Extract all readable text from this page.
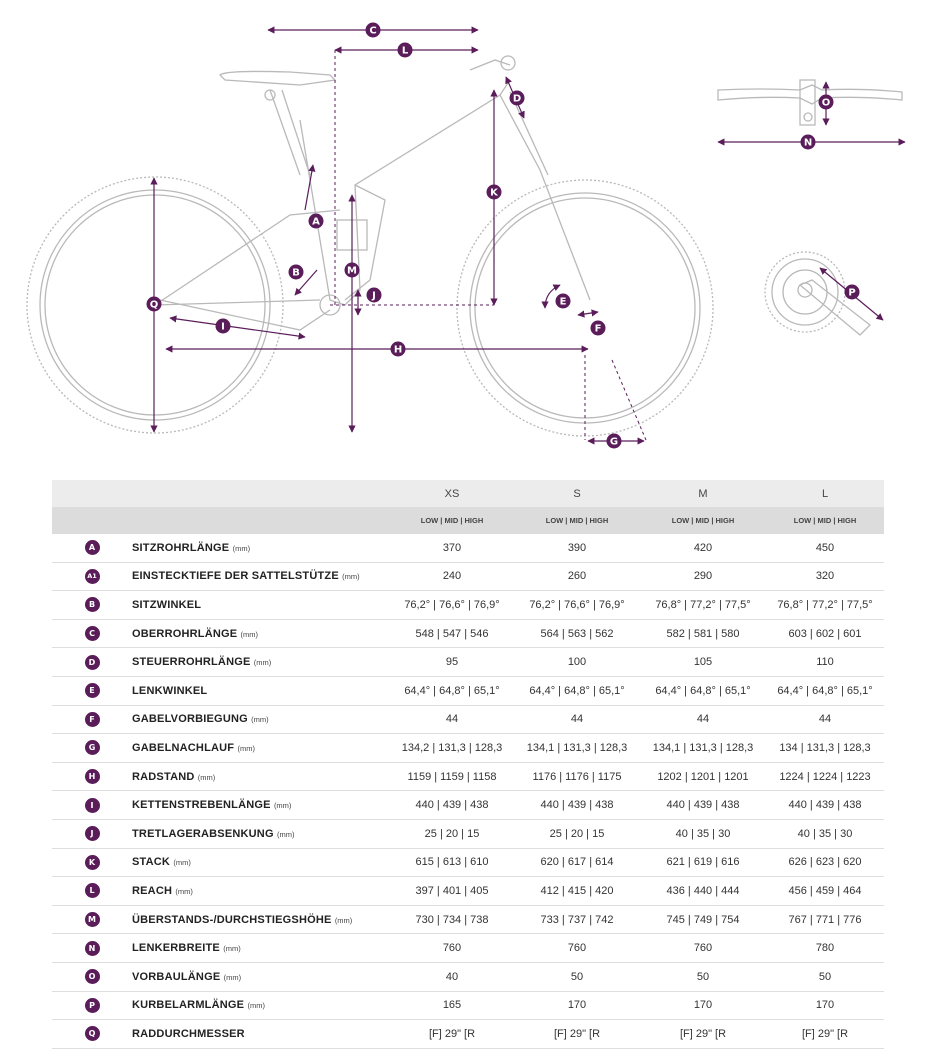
C
L
D	O
N
K
A
B	M
Q
J
I
E
F
H
P
G
		XS	S	M	L
		LOW | MID | HIGH	LOW | MID | HIGH	LOW | MID | HIGH	LOW | MID | HIGH
A	SITZROHRLÄNGE (mm)	370	390	420	450
A1	EINSTECKTIEFE DER SATTELSTÜTZE (mm)	240	260	290	320
B	SITZWINKEL	76,2° | 76,6° | 76,9°	76,2° | 76,6° | 76,9°	76,8° | 77,2° | 77,5°	76,8° | 77,2° | 77,5°
C	OBERROHRLÄNGE (mm)	548 | 547 | 546	564 | 563 | 562	582 | 581 | 580	603 | 602 | 601
D	STEUERROHRLÄNGE (mm)	95	100	105	110
E	LENKWINKEL	64,4° | 64,8° | 65,1°	64,4° | 64,8° | 65,1°	64,4° | 64,8° | 65,1°	64,4° | 64,8° | 65,1°
F	GABELVORBIEGUNG (mm)	44	44	44	44
G	GABELNACHLAUF (mm)	134,2 | 131,3 | 128,3	134,1 | 131,3 | 128,3	134,1 | 131,3 | 128,3	134 | 131,3 | 128,3
H	RADSTAND (mm)	1159 | 1159 | 1158	1176 | 1176 | 1175	1202 | 1201 | 1201	1224 | 1224 | 1223
I	KETTENSTREBENLÄNGE (mm)	440 | 439 | 438	440 | 439 | 438	440 | 439 | 438	440 | 439 | 438
J	TRETLAGERABSENKUNG (mm)	25 | 20 | 15	25 | 20 | 15	40 | 35 | 30	40 | 35 | 30
K	STACK (mm)	615 | 613 | 610	620 | 617 | 614	621 | 619 | 616	626 | 623 | 620
L	REACH (mm)	397 | 401 | 405	412 | 415 | 420	436 | 440 | 444	456 | 459 | 464
M	ÜBERSTANDS-/DURCHSTIEGSHÖHE (mm)	730 | 734 | 738	733 | 737 | 742	745 | 749 | 754	767 | 771 | 776
N	LENKERBREITE (mm)	760	760	760	780
O	VORBAULÄNGE (mm)	40	50	50	50
P	KURBELARMLÄNGE (mm)	165	170	170	170
Q	RADDURCHMESSER	[F] 29" [R	[F] 29" [R	[F] 29" [R	[F] 29" [R
